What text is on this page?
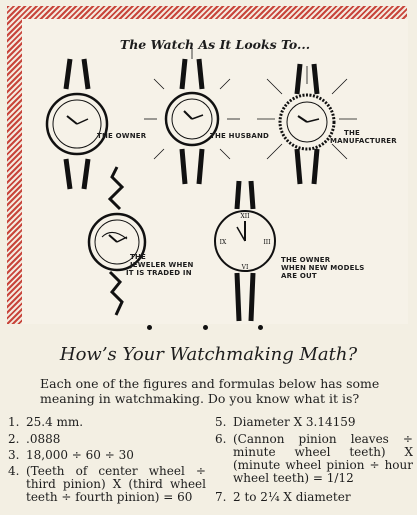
The Watch As It Looks To...
THE OWNER	THE HUSBAND	THE
MANUFACTURER
THE
JEWELER WHEN
IT IS TRADED IN
XII
III
VI
IX
THE OWNER
WHEN NEW MODELS
ARE OUT
How’s Your Watchmaking Math?
Each one of the figures and formulas below has some meaning in watchmaking. Do you know what it is?
1. 25.4 mm.
2. .0888
3. 18,000 ÷ 60 ÷ 30
4. (Teeth of center wheel ÷ third pinion) X (third wheel teeth ÷ fourth pinion) = 60
5. Diameter X 3.14159
6. (Cannon pinion leaves ÷ minute wheel teeth) X (minute wheel pinion ÷ hour wheel teeth) = 1/12
7. 2 to 2¼ X diameter
